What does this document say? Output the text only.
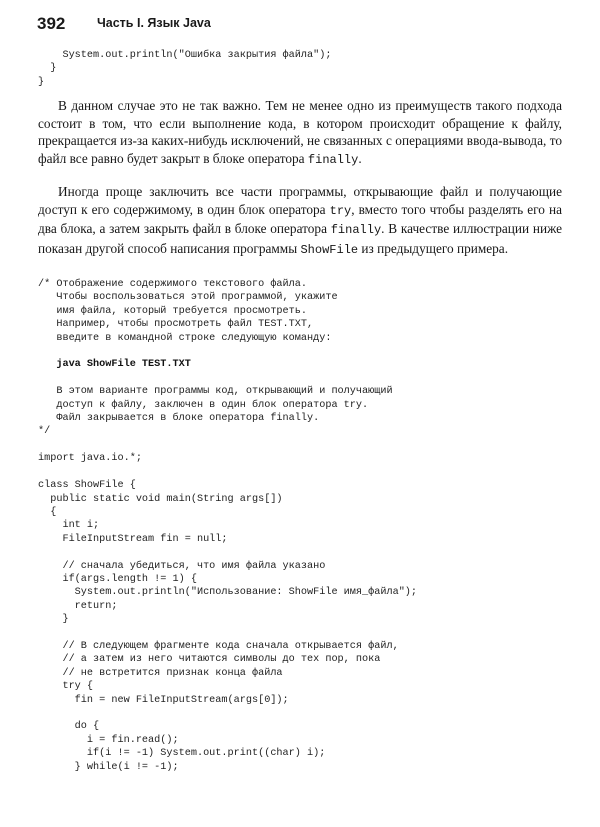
392	Часть I. Язык Java
System.out.println("Ошибка закрытия файла");
}
}

В данном случае это не так важно. Тем не менее одно из преимуществ такого подхода состоит в том, что если выполнение кода, в котором происходит обращение к файлу, прекращается из-за каких-нибудь исключений, не связанных с операциями ввода-вывода, то файл все равно будет закрыт в блоке оператора finally.

Иногда проще заключить все части программы, открывающие файл и получающие доступ к его содержимому, в один блок оператора try, вместо того чтобы разделять его на два блока, а затем закрыть файл в блоке оператора finally. В качестве иллюстрации ниже показан другой способ написания программы ShowFile из предыдущего примера.

/* Отображение содержимого текстового файла.
Чтобы воспользоваться этой программой, укажите
имя файла, который требуется просмотреть.
Например, чтобы просмотреть файл TEST.TXT,
введите в командной строке следующую команду:

java ShowFile TEST.TXT

В этом варианте программы код, открывающий и получающий
доступ к файлу, заключен в один блок оператора try.
Файл закрывается в блоке оператора finally.
*/

import java.io.*;

class ShowFile {
public static void main(String args[])
{
int i;
FileInputStream fin = null;

// сначала убедиться, что имя файла указано
if(args.length != 1) {
System.out.println("Использование: ShowFile имя_файла");
return;
}

// В следующем фрагменте кода сначала открывается файл,
// а затем из него читаются символы до тех пор, пока
// не встретится признак конца файла
try {
fin = new FileInputStream(args[0]);

do {
i = fin.read();
if(i != -1) System.out.print((char) i);
} while(i != -1);
